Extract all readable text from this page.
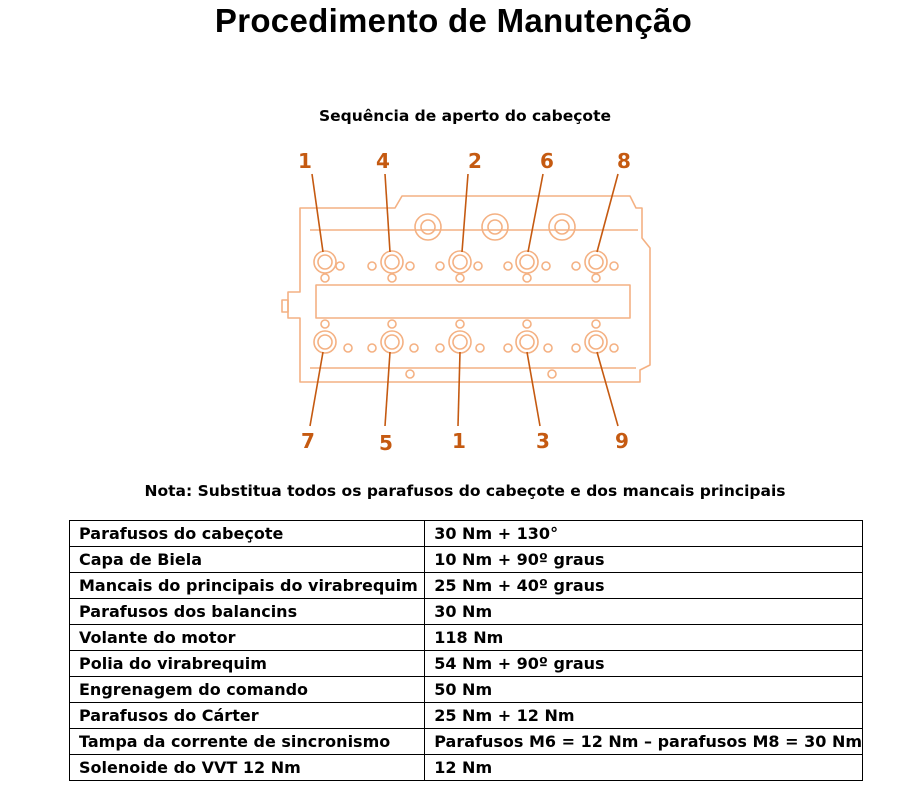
Procedimento de Manutenção
Sequência de aperto do cabeçote
1	4	2	6	8
7	5	1	3	9
Nota: Substitua todos os parafusos do cabeçote e dos mancais principais
Parafusos do cabeçote	30 Nm + 130°
Capa de Biela	10 Nm + 90º graus
Mancais do principais do virabrequim	25 Nm + 40º graus
Parafusos dos balancins	30 Nm
Volante do motor	118 Nm
Polia do virabrequim	54 Nm + 90º graus
Engrenagem do comando	50 Nm
Parafusos do Cárter	25 Nm + 12 Nm
Tampa da corrente de sincronismo	Parafusos M6 = 12 Nm – parafusos M8 = 30 Nm
Solenoide do VVT 12 Nm	12 Nm
